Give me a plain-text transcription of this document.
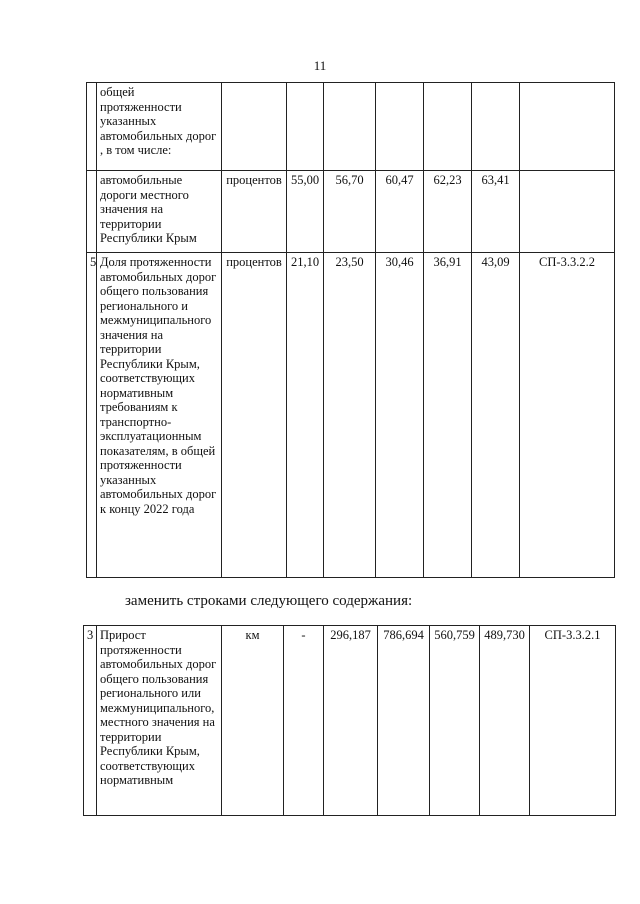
11
	общей протяженности указанных автомобильных дорог , в том числе:							
	автомобильные дороги местного значения на территории Республики Крым	процентов	55,00	56,70	60,47	62,23	63,41	
5	Доля протяженности автомобильных дорог общего пользования регионального и межмуниципального значения на территории Республики Крым, соответствующих нормативным требованиям к транспортно-эксплуатационным показателям, в общей протяженности указанных автомобильных дорог к концу 2022 года	процентов	21,10	23,50	30,46	36,91	43,09	СП-3.3.2.2
заменить строками следующего содержания:
3	Прирост протяженности автомобильных дорог общего пользования регионального или межмуниципального, местного значения на территории Республики Крым, соответствующих нормативным	км	-	296,187	786,694	560,759	489,730	СП-3.3.2.1
